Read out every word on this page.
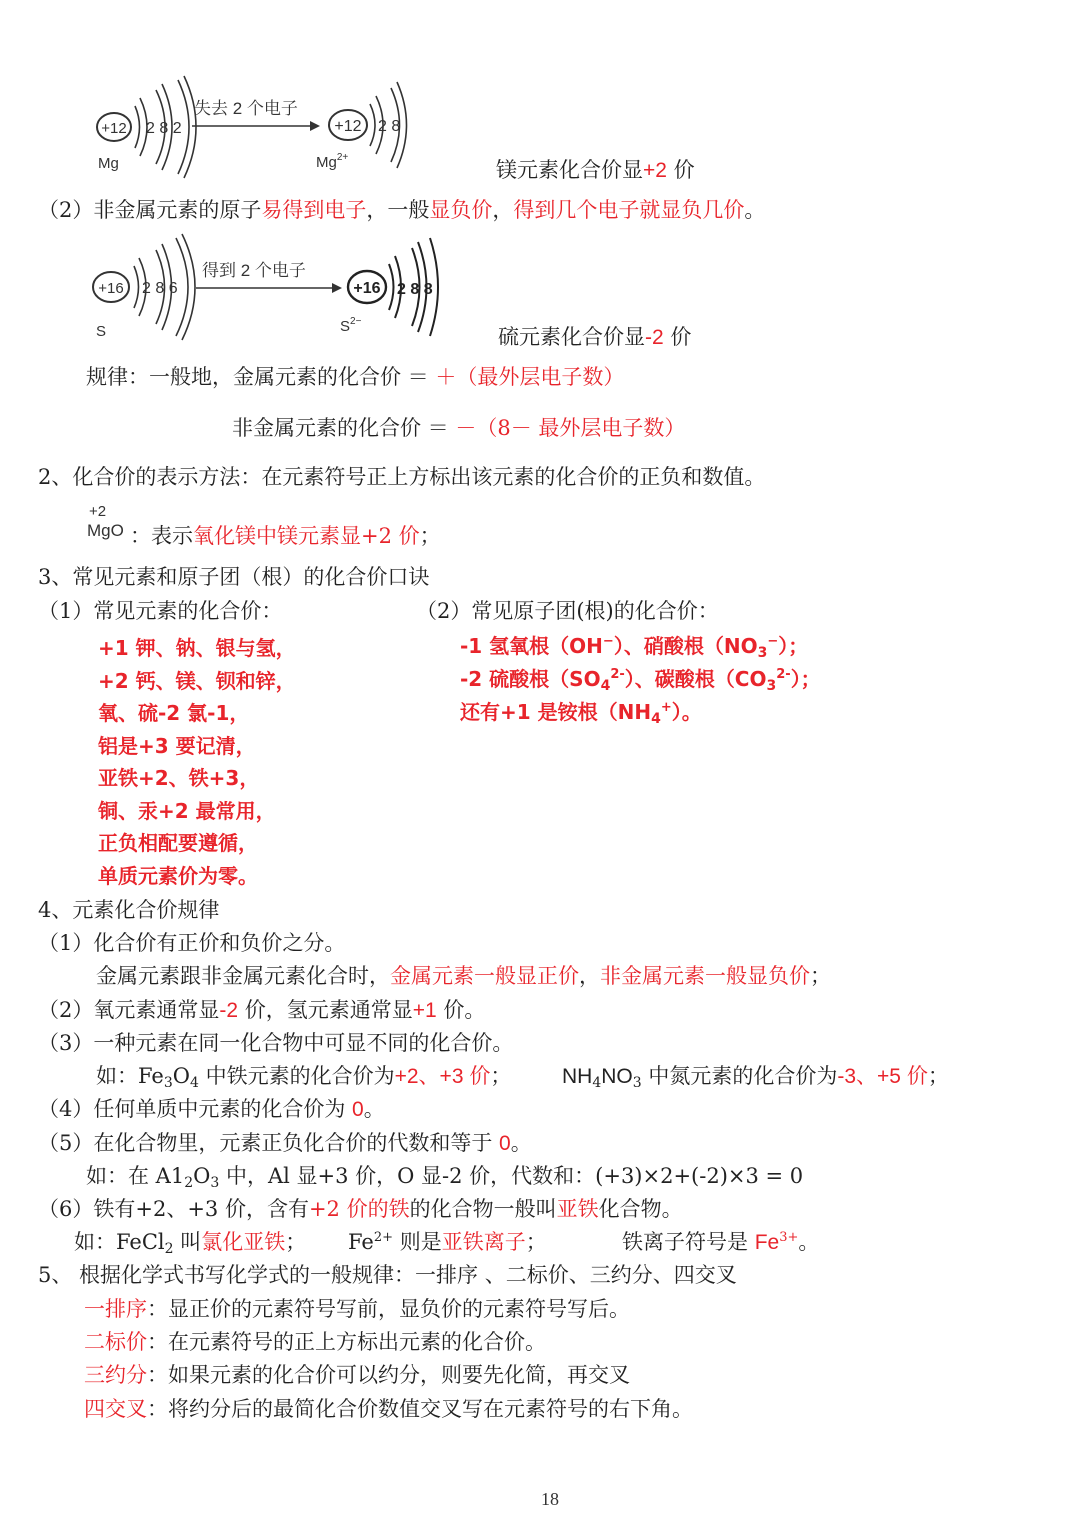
+12 2 8 2
Mg
失去 2 个电子
+12 2 8
$Mg^{2+}$
镁元素化合价显+2 价
（2）非金属元素的原子易得到电子，一般显负价，得到几个电子就显负几价。
+16 2 8 6
S
得到 2 个电子
+16 2 8 8
$S^{2-}$
硫元素化合价显-2 价
规律：一般地，金属元素的化合价 ＝ ＋（最外层电子数）
非金属元素的化合价 ＝ －（8－ 最外层电子数）
2、化合价的表示方法：在元素符号正上方标出该元素的化合价的正负和数值。
+2
MgO ：表示氧化镁中镁元素显+2 价；
3、常见元素和原子团（根）的化合价口诀
（1）常见元素的化合价：	（2）常见原子团(根)的化合价：
+1 钾、钠、银与氢，
+2 钙、镁、钡和锌，
氧、硫-2 氯-1，
铝是+3 要记清，
亚铁+2、铁+3，
铜、汞+2 最常用，
正负相配要遵循，
单质元素价为零。
-1 氢氧根（OH−）、硝酸根$(NO_3^-)$；
-2 硫酸根$(SO_4^{2-})$、碳酸根$(CO_3^{2-})$；
还有+1 是铵根$(NH_4^+)$。
4、元素化合价规律
（1）化合价有正价和负价之分。
金属元素跟非金属元素化合时，金属元素一般显正价，非金属元素一般显负价；
（2）氧元素通常显-2 价，氢元素通常显+1 价。
（3）一种元素在同一化合物中可显不同的化合价。
如：$Fe_3O_4$ 中铁元素的化合价为+2、+3 价； $NH_4NO_3$ 中氮元素的化合价为-3、+5 价；
（4）任何单质中元素的化合价为 0。
（5）在化合物里，元素正负化合价的代数和等于 0。
如：在 $A1_2O_3$ 中，Al 显+3 价，O 显-2 价，代数和：(+3)×2+(-2)×3 = 0
（6）铁有+2、+3 价，含有+2 价的铁的化合物一般叫亚铁化合物。
如：FeCl$_2$ 叫氯化亚铁； $Fe^{2+}$ 则是亚铁离子；	铁离子符号是 $Fe^{3+}$。
5、 根据化学式书写化学式的一般规律：一排序 、二标价、三约分、四交叉
一排序：显正价的元素符号写前，显负价的元素符号写后。
二标价：在元素符号的正上方标出元素的化合价。
三约分：如果元素的化合价可以约分，则要先化简，再交叉
四交叉：将约分后的最简化合价数值交叉写在元素符号的右下角。
18
